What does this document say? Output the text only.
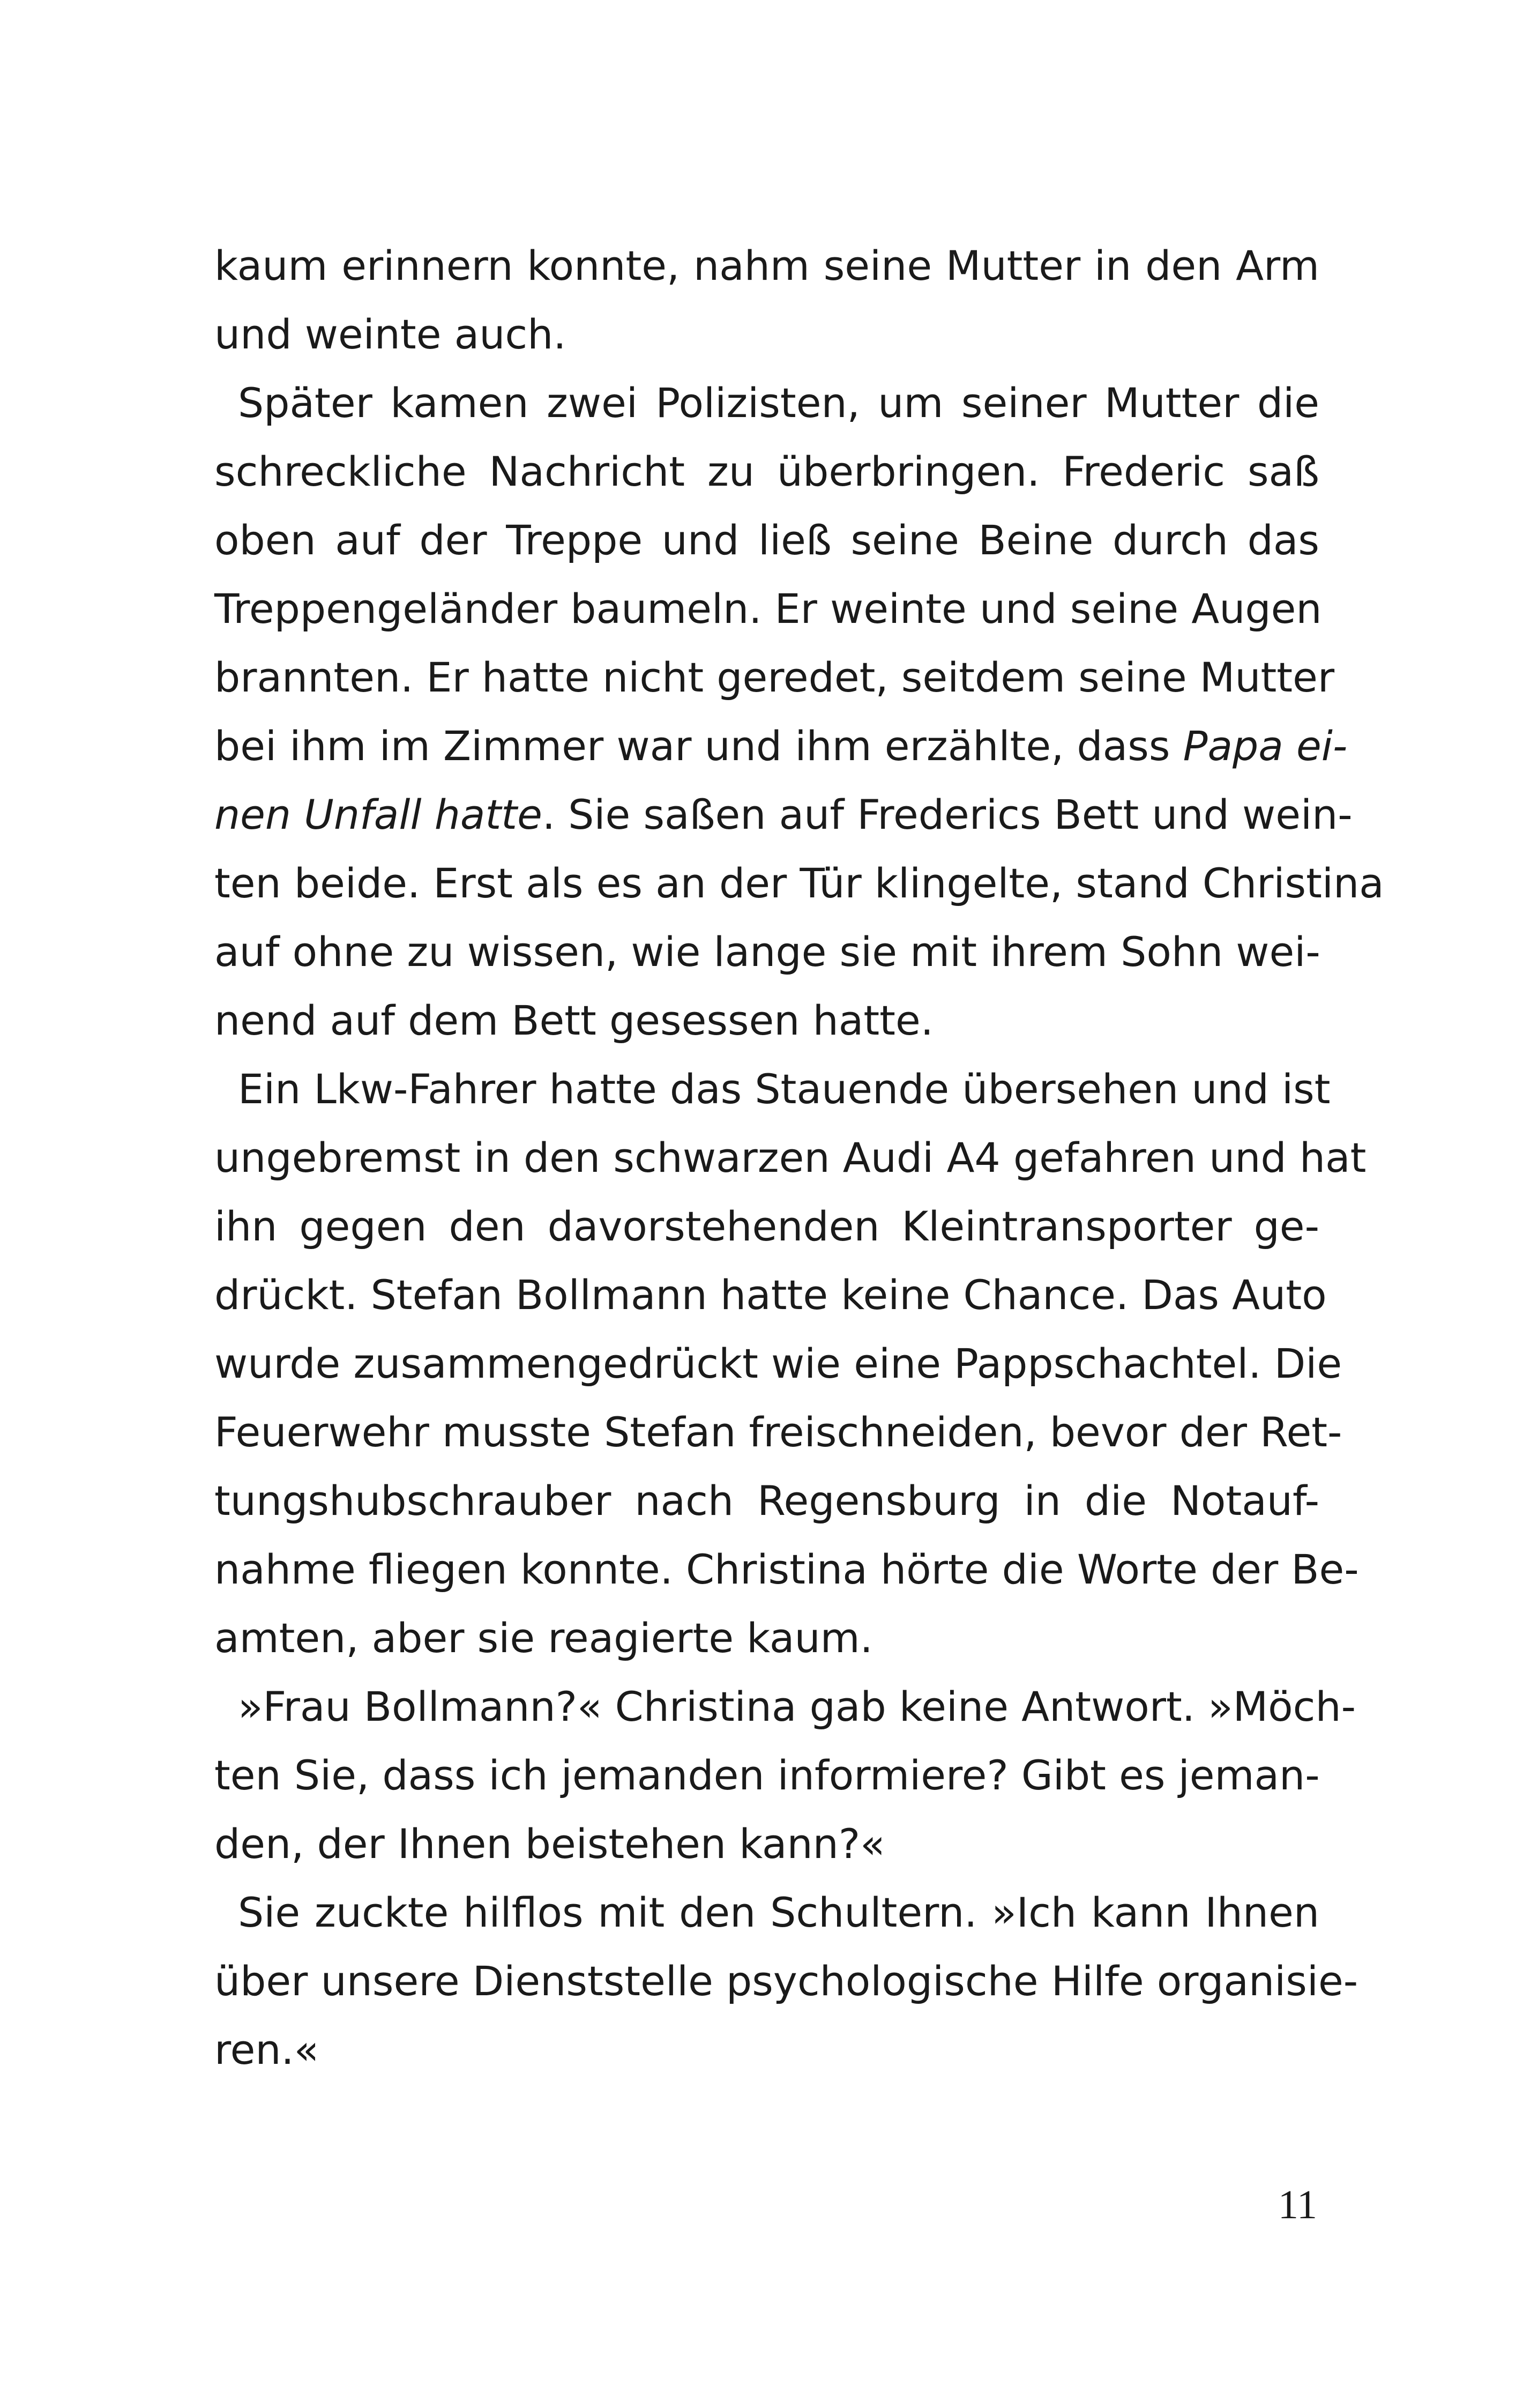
kaum erinnern konnte, nahm seine Mutter in den Arm
und weinte auch.
Später kamen zwei Polizisten, um seiner Mutter die
schreckliche Nachricht zu überbringen. Frederic saß
oben auf der Treppe und ließ seine Beine durch das
Treppengeländer baumeln. Er weinte und seine Augen
brannten. Er hatte nicht geredet, seitdem seine Mutter
bei ihm im Zimmer war und ihm erzählte, dass Papa ei-
nen Unfall hatte. Sie saßen auf Frederics Bett und wein-
ten beide. Erst als es an der Tür klingelte, stand Christina
auf ohne zu wissen, wie lange sie mit ihrem Sohn wei-
nend auf dem Bett gesessen hatte.
Ein Lkw-Fahrer hatte das Stauende übersehen und ist
ungebremst in den schwarzen Audi A4 gefahren und hat
ihn gegen den davorstehenden Kleintransporter ge-
drückt. Stefan Bollmann hatte keine Chance. Das Auto
wurde zusammengedrückt wie eine Pappschachtel. Die
Feuerwehr musste Stefan freischneiden, bevor der Ret-
tungshubschrauber nach Regensburg in die Notauf-
nahme fliegen konnte. Christina hörte die Worte der Be-
amten, aber sie reagierte kaum.
»Frau Bollmann?« Christina gab keine Antwort. »Möch-
ten Sie, dass ich jemanden informiere? Gibt es jeman-
den, der Ihnen beistehen kann?«
Sie zuckte hilflos mit den Schultern. »Ich kann Ihnen
über unsere Dienststelle psychologische Hilfe organisie-
ren.«
11
